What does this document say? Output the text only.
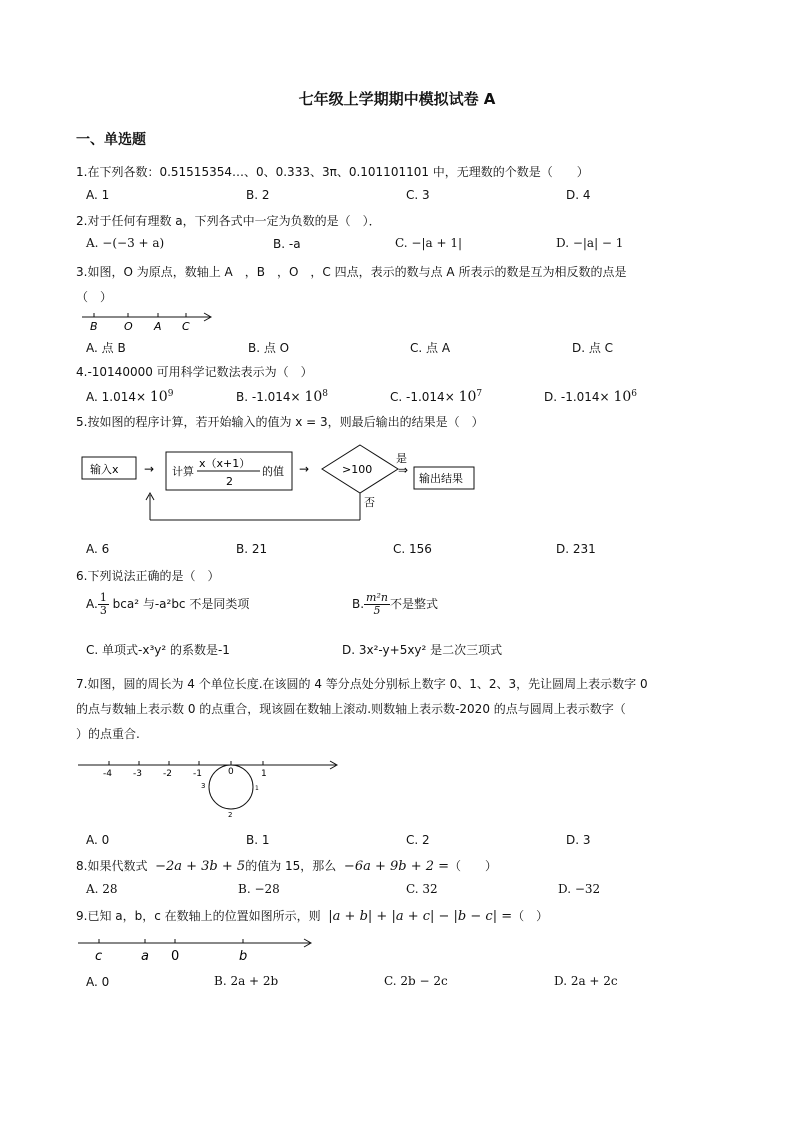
七年级上学期期中模拟试卷 A
一、单选题
1.在下列各数：0.51515354…、0、0.333、3π、0.101101101 中，无理数的个数是（　　）
A. 1	B. 2	C. 3	D. 4
2.对于任何有理数 a，下列各式中一定为负数的是（　）．
A. −(−3 + a)	B. -a	C. −|a + 1|	D. −|a| − 1
3.如图，O 为原点，数轴上 A　，B　，O　，C 四点，表示的数与点 A 所表示的数是互为相反数的点是
（　）
B O A C
A. 点 B	B. 点 O	C. 点 A	D. 点 C
4.-10140000 可用科学记数法表示为（　）
A. $1.014\times 10^9$	B. $-1.014\times 10^8$	C. $-1.014\times 10^7$	D. $-1.014\times 10^6$
5.按如图的程序计算，若开始输入的值为 x = 3，则最后输出的结果是（　）
输入x → 计算
x（x+1）
2
的值 →	>100
是
⇒
输出结果
否
A. 6	B. 21	C. 156	D. 231
6.下列说法正确的是（　）
A. $\frac{1}{3} bca^2$ 与-a²bc 不是同类项	B. $\frac{\text{m²n}}{5}$ 不是整式
C. 单项式-x³y² 的系数是-1	D. 3x²-y+5xy² 是二次三项式
7.如图，圆的周长为 4 个单位长度.在该圆的 4 等分点处分别标上数字 0、1、2、3，先让圆周上表示数字 0
的点与数轴上表示数 0 的点重合，现该圆在数轴上滚动.则数轴上表示数-2020 的点与圆周上表示数字（
）的点重合.
-4 -3 -2 -1	0	1
1
2
3
A. 0	B. 1	C. 2	D. 3
8.如果代数式 −2a + 3b + 5的值为 15，那么 −6a + 9b + 2 =（　　）
A. 28	B. −28	C. 32	D. −32
9.已知 a，b，c 在数轴上的位置如图所示，则 |a + b| + |a + c| − |b − c| =（　）
c	a 0	b
A. 0	B. 2a + 2b	C. 2b − 2c	D. 2a + 2c
